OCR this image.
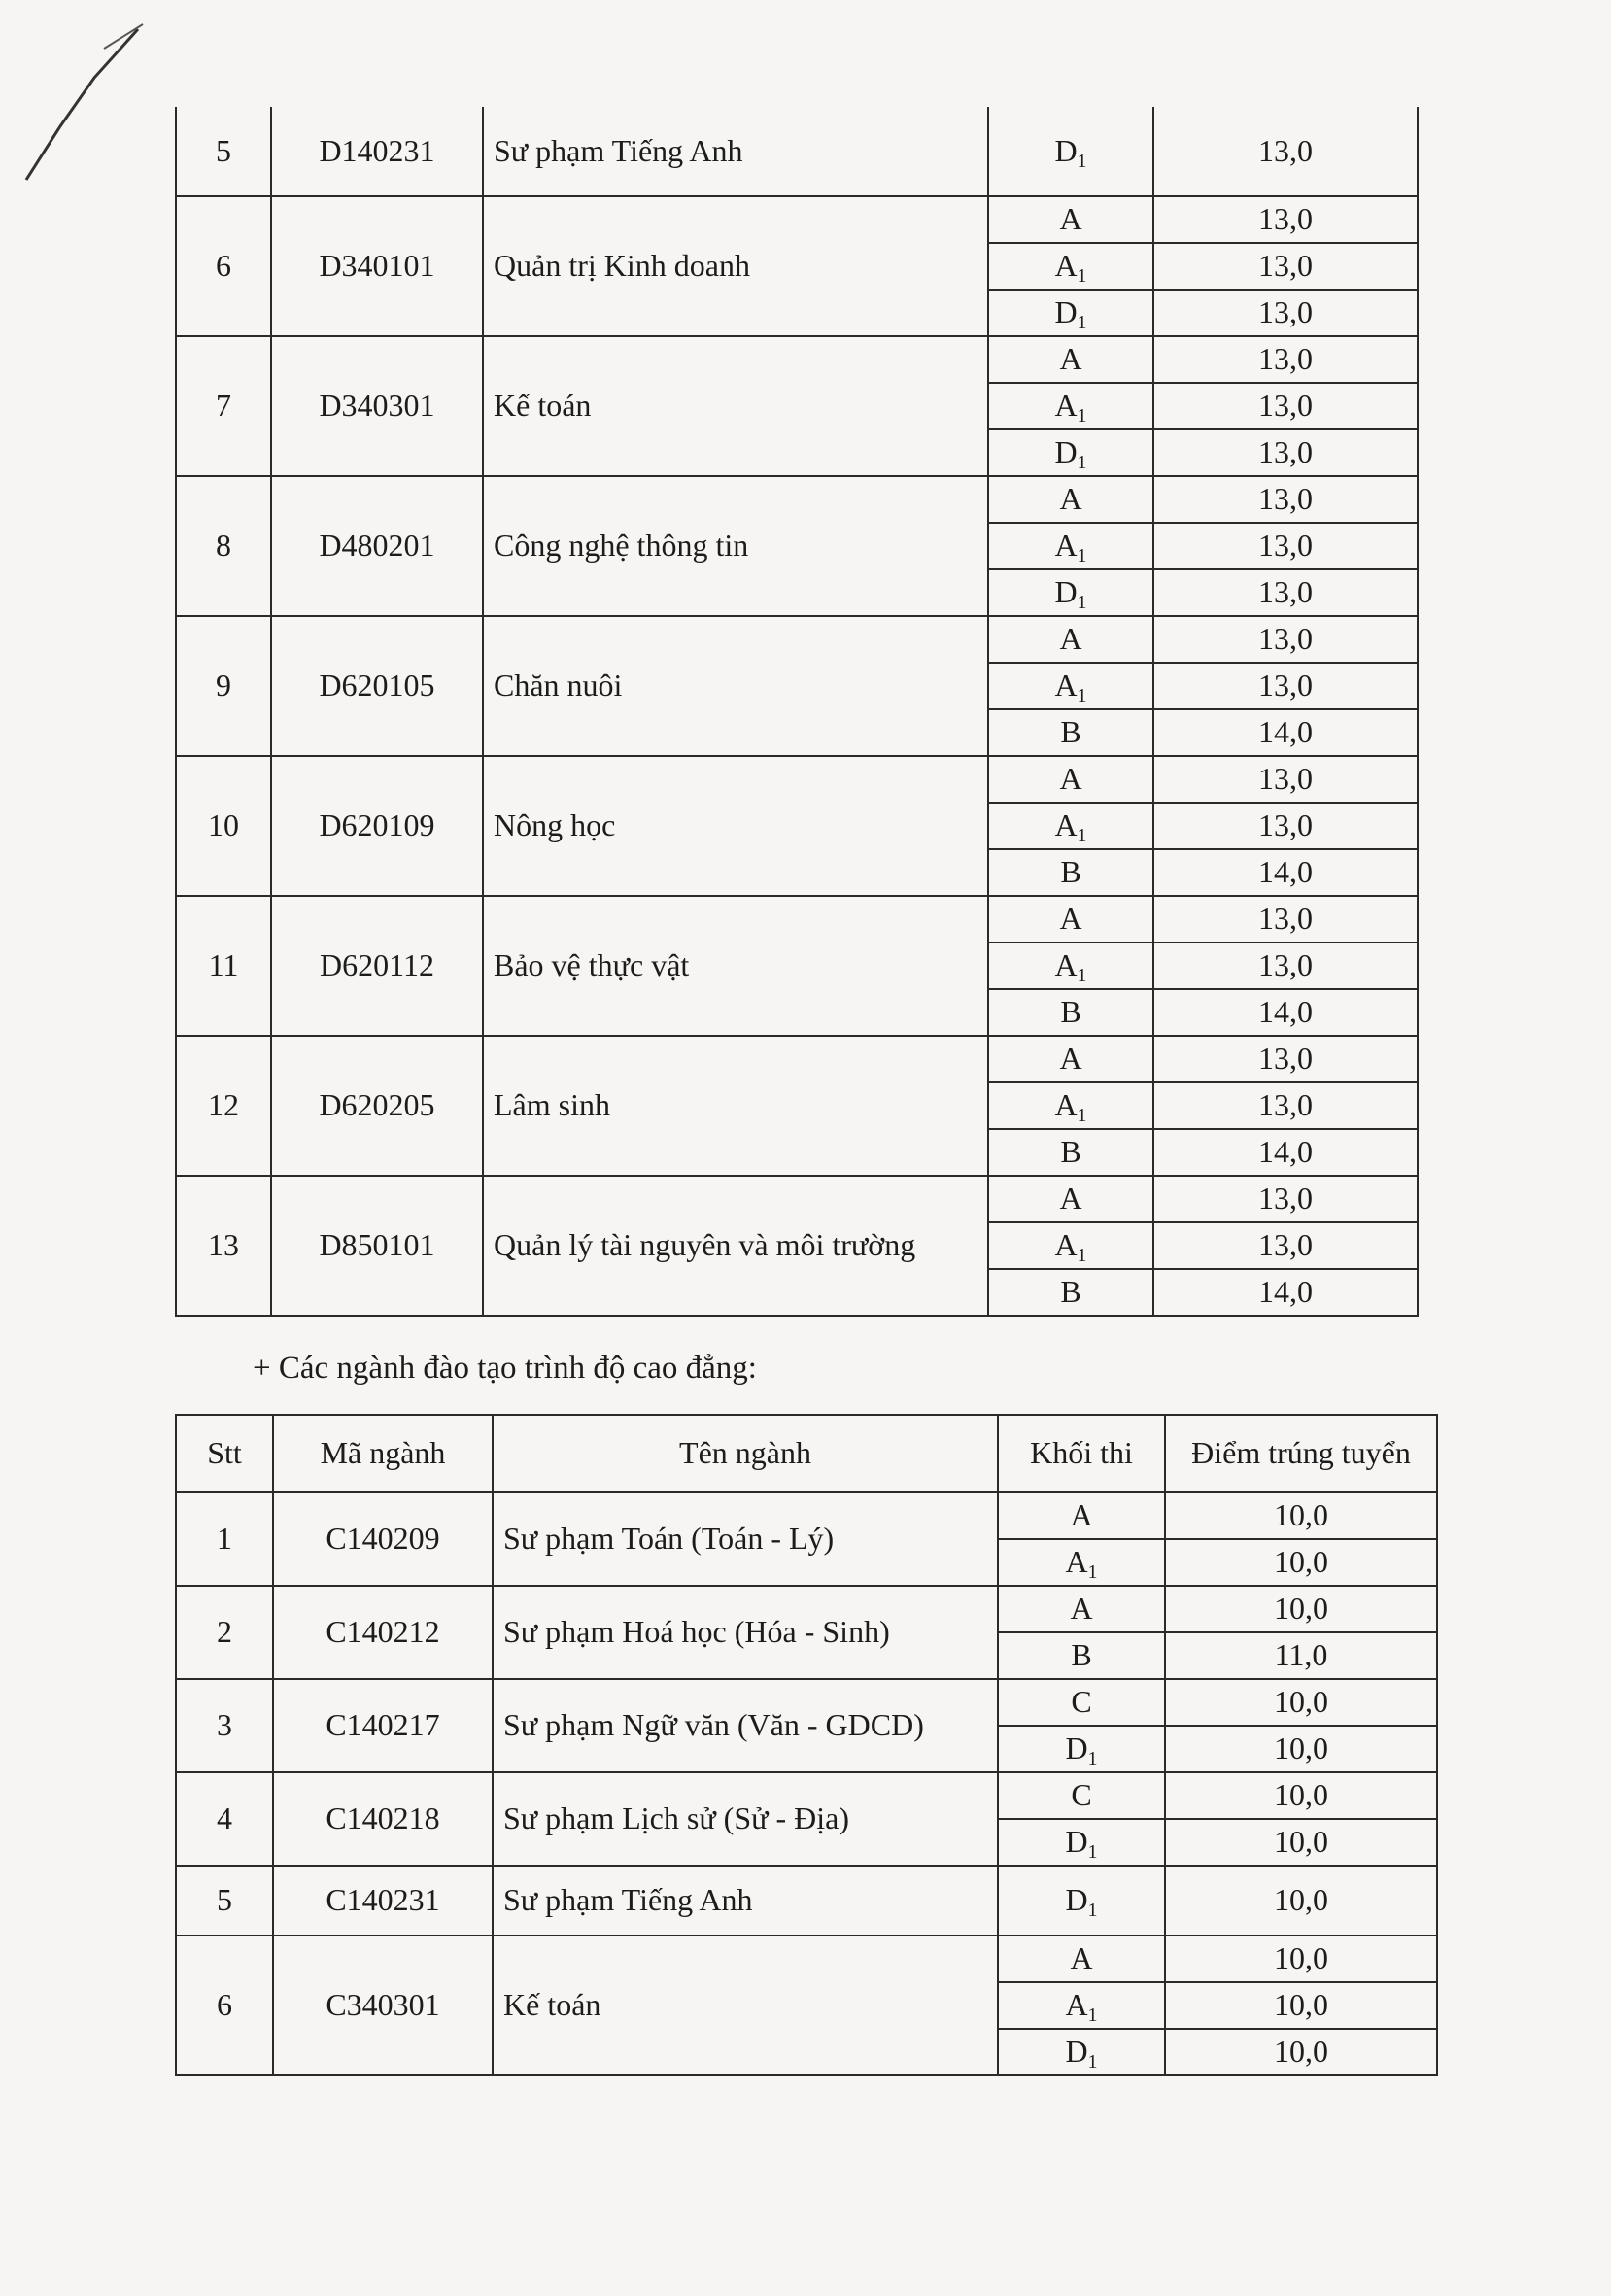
5	D140231	Sư phạm Tiếng Anh	$D_1$	13,0
6	D340101	Quản trị Kinh doanh	A	13,0
			$A_1$	13,0
			$D_1$	13,0
7	D340301	Kế toán	A	13,0
			$A_1$	13,0
			$D_1$	13,0
8	D480201	Công nghệ thông tin	A	13,0
			$A_1$	13,0
			$D_1$	13,0
9	D620105	Chăn nuôi	A	13,0
			$A_1$	13,0
			B	14,0
10	D620109	Nông học	A	13,0
			$A_1$	13,0
			B	14,0
11	D620112	Bảo vệ thực vật	A	13,0
			$A_1$	13,0
			B	14,0
12	D620205	Lâm sinh	A	13,0
			$A_1$	13,0
			B	14,0
13	D850101	Quản lý tài nguyên và môi trường	A	13,0
			$A_1$	13,0
			B	14,0
+ Các ngành đào tạo trình độ cao đẳng:
Stt	Mã ngành	Tên ngành	Khối thi	Điểm trúng tuyển
1	C140209	Sư phạm Toán (Toán - Lý)	A	10,0
			$A_1$	10,0
2	C140212	Sư phạm Hoá học (Hóa - Sinh)	A	10,0
			B	11,0
3	C140217	Sư phạm Ngữ văn (Văn - GDCD)	C	10,0
			$D_1$	10,0
4	C140218	Sư phạm Lịch sử (Sử - Địa)	C	10,0
			$D_1$	10,0
5	C140231	Sư phạm Tiếng Anh	$D_1$	10,0
6	C340301	Kế toán	A	10,0
			$A_1$	10,0
			$D_1$	10,0
